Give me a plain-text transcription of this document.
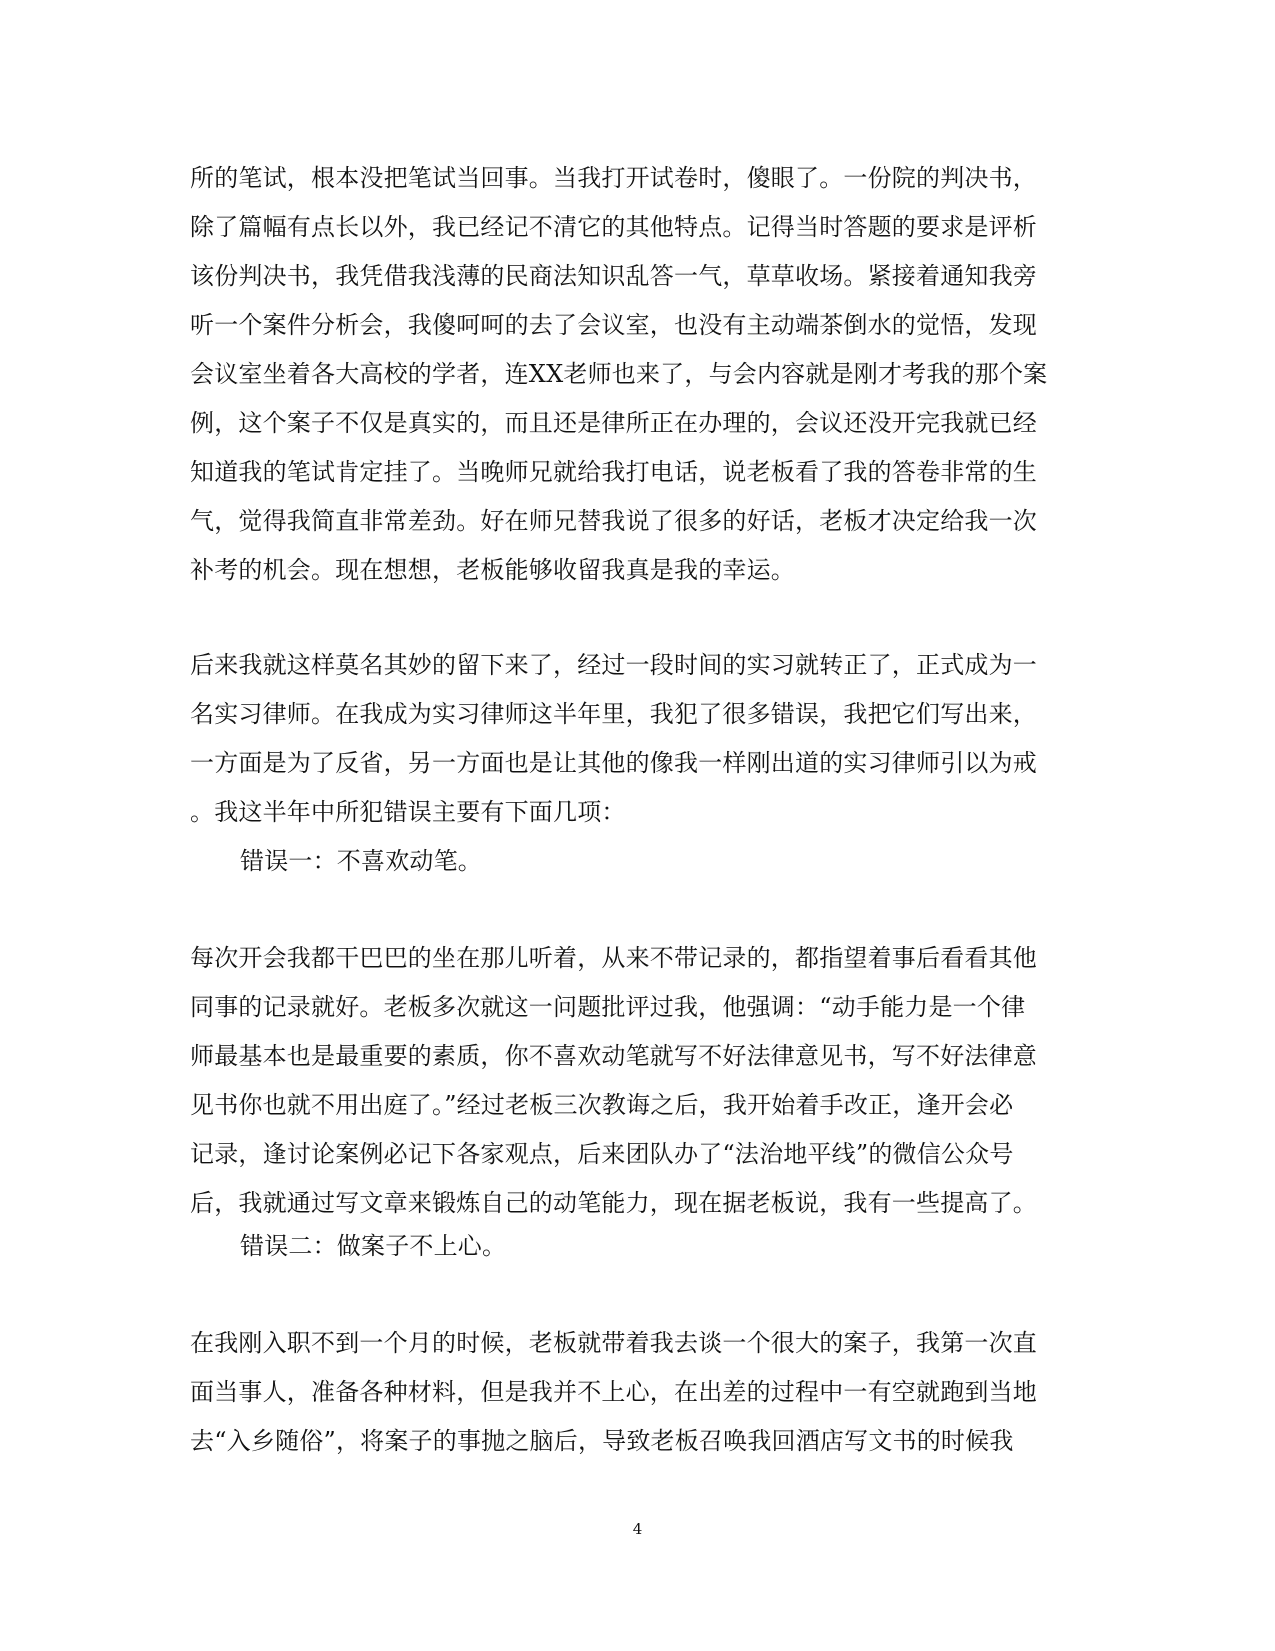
所的笔试，根本没把笔试当回事。当我打开试卷时，傻眼了。一份院的判决书，
除了篇幅有点长以外，我已经记不清它的其他特点。记得当时答题的要求是评析
该份判决书，我凭借我浅薄的民商法知识乱答一气，草草收场。紧接着通知我旁
听一个案件分析会，我傻呵呵的去了会议室，也没有主动端茶倒水的觉悟，发现
会议室坐着各大高校的学者，连XX老师也来了，与会内容就是刚才考我的那个案
例，这个案子不仅是真实的，而且还是律所正在办理的，会议还没开完我就已经
知道我的笔试肯定挂了。当晚师兄就给我打电话，说老板看了我的答卷非常的生
气，觉得我简直非常差劲。好在师兄替我说了很多的好话，老板才决定给我一次
补考的机会。现在想想，老板能够收留我真是我的幸运。
后来我就这样莫名其妙的留下来了，经过一段时间的实习就转正了，正式成为一
名实习律师。在我成为实习律师这半年里，我犯了很多错误，我把它们写出来，
一方面是为了反省，另一方面也是让其他的像我一样刚出道的实习律师引以为戒
。我这半年中所犯错误主要有下面几项：
错误一：不喜欢动笔。
每次开会我都干巴巴的坐在那儿听着，从来不带记录的，都指望着事后看看其他
同事的记录就好。老板多次就这一问题批评过我，他强调：“动手能力是一个律
师最基本也是最重要的素质，你不喜欢动笔就写不好法律意见书，写不好法律意
见书你也就不用出庭了。”经过老板三次教诲之后，我开始着手改正，逢开会必
记录，逢讨论案例必记下各家观点，后来团队办了“法治地平线”的微信公众号
后，我就通过写文章来锻炼自己的动笔能力，现在据老板说，我有一些提高了。
错误二：做案子不上心。
在我刚入职不到一个月的时候，老板就带着我去谈一个很大的案子，我第一次直
面当事人，准备各种材料，但是我并不上心，在出差的过程中一有空就跑到当地
去“入乡随俗”，将案子的事抛之脑后，导致老板召唤我回酒店写文书的时候我
4
